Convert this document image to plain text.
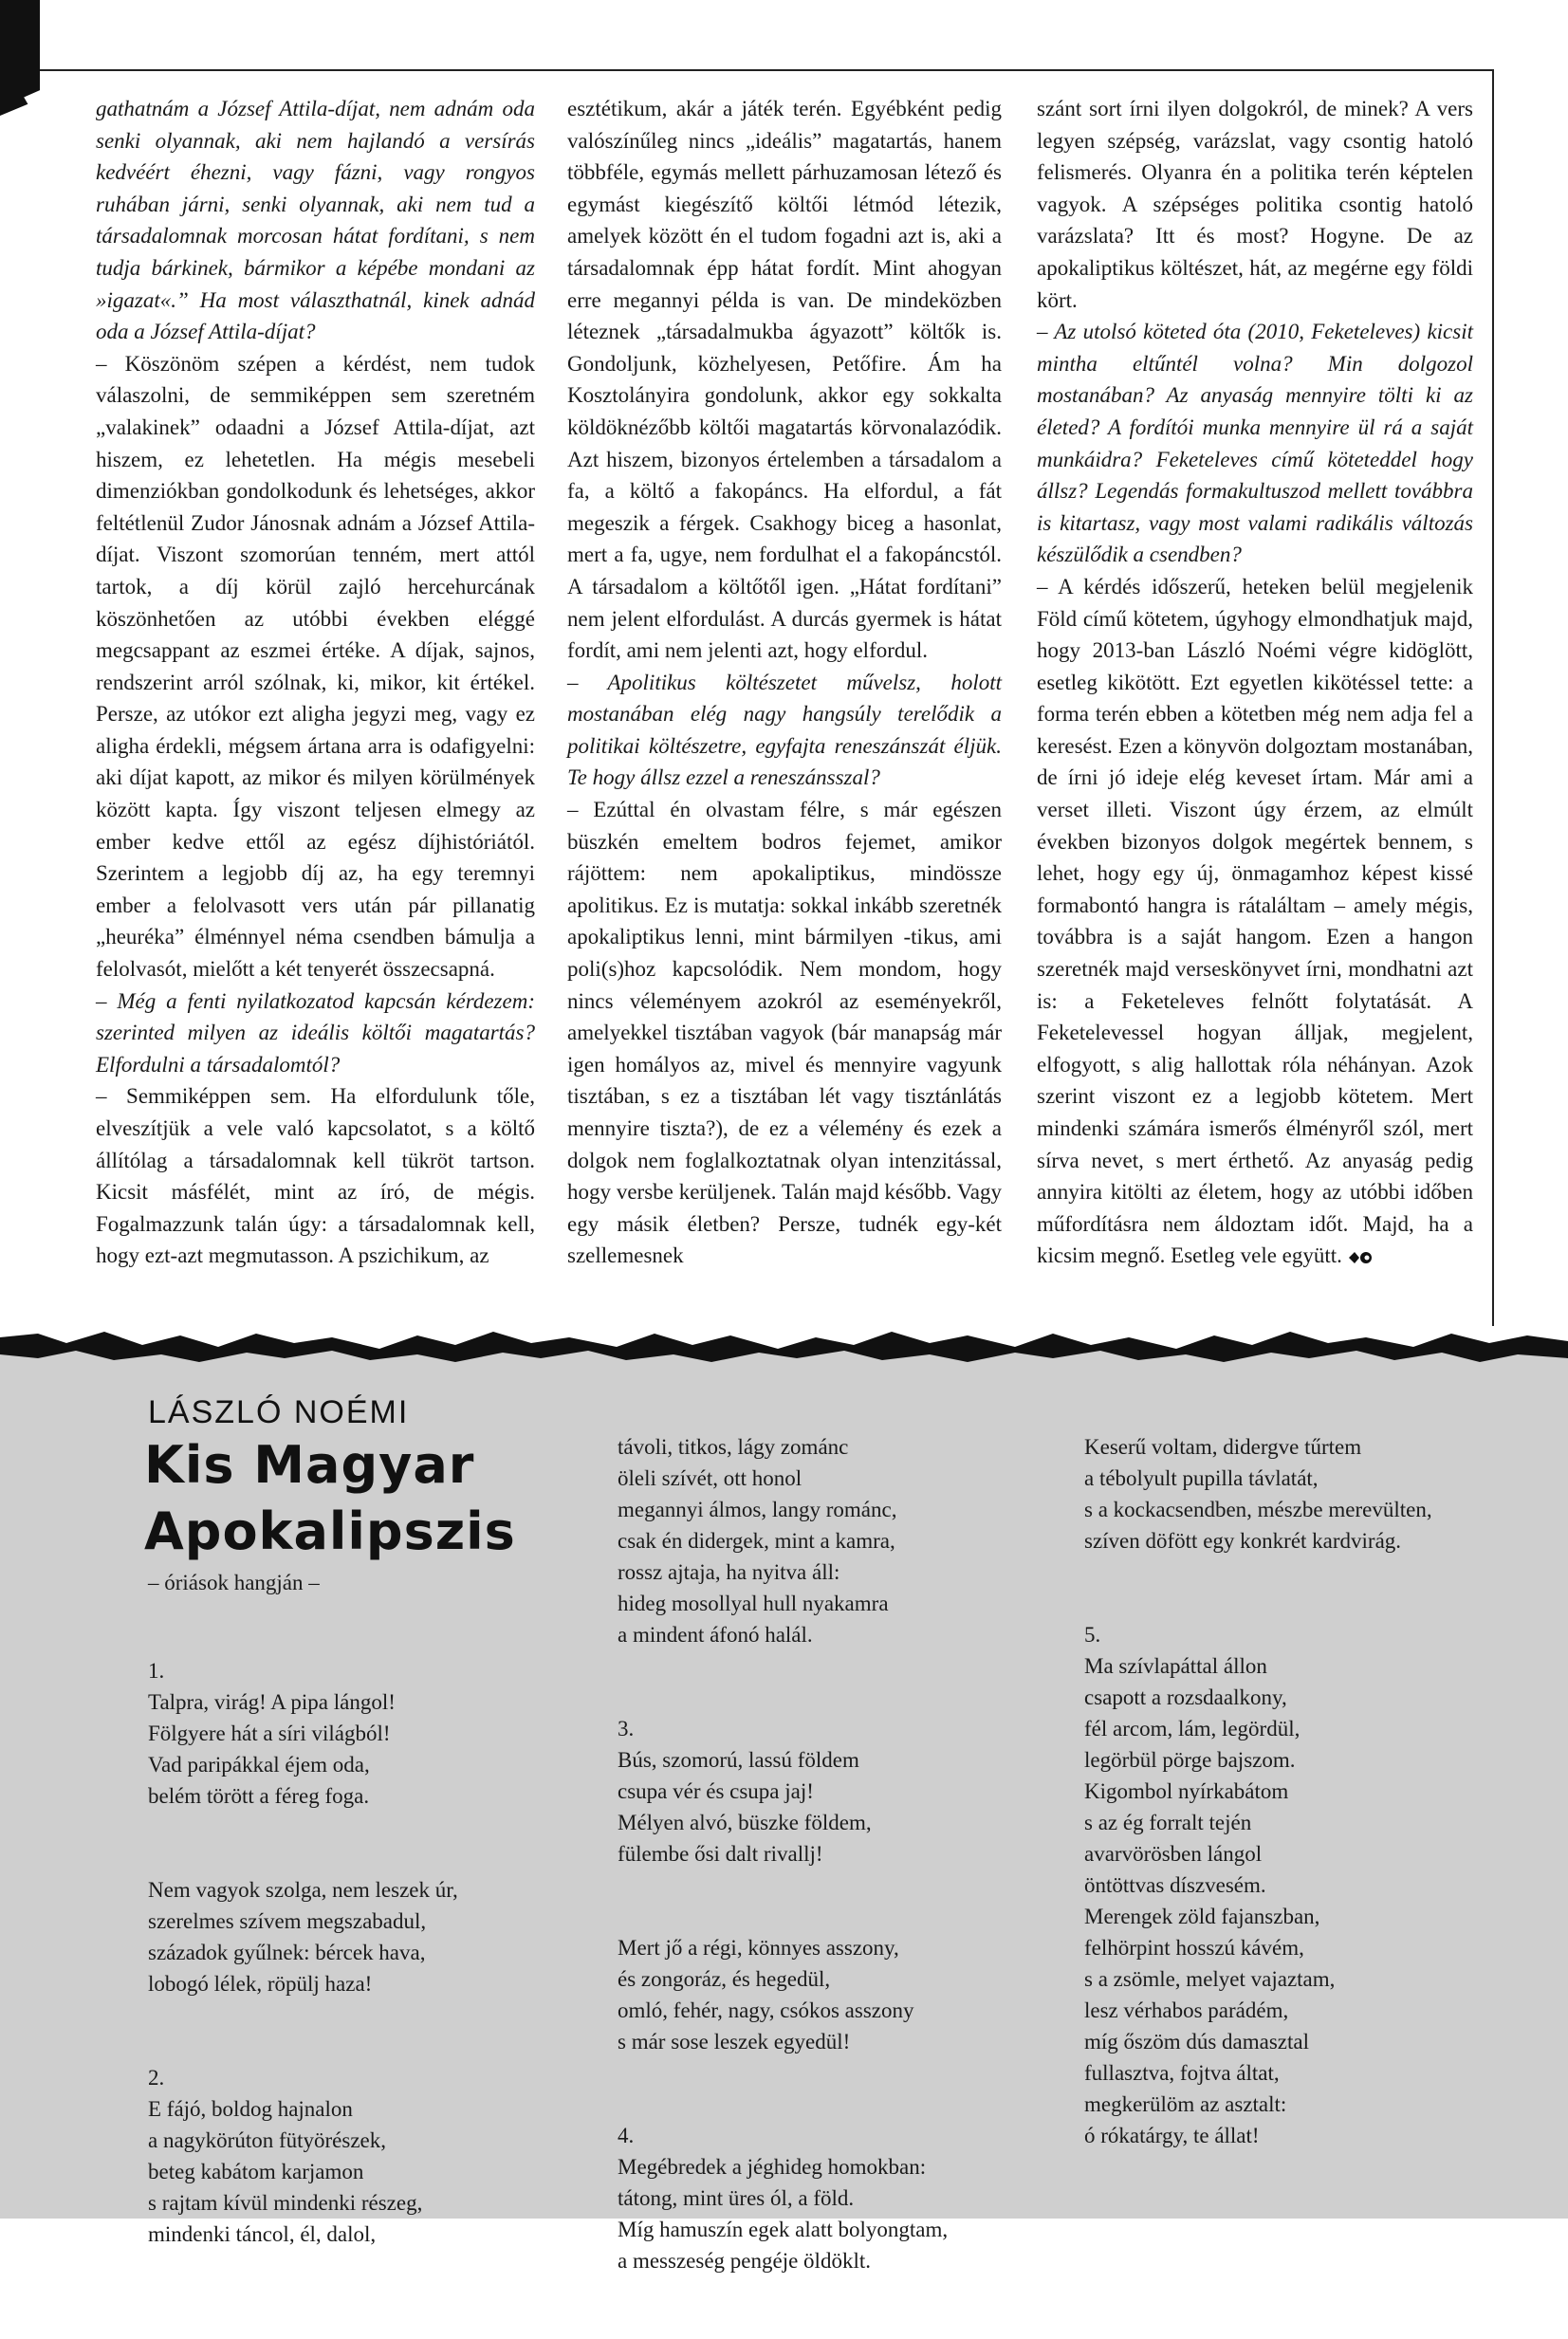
gathatnám a József Attila-díjat, nem adnám oda senki olyannak, aki nem hajlandó a versírás kedvéért éhezni, vagy fázni, vagy rongyos ruhában járni, senki olyannak, aki nem tud a társadalomnak morcosan hátat fordítani, s nem tudja bárkinek, bármikor a képébe mondani az »igazat«.” Ha most választhatnál, kinek adnád oda a József Attila-díjat?

– Köszönöm szépen a kérdést, nem tudok válaszolni, de semmiképpen sem szeretném „valakinek” odaadni a József Attila-díjat, azt hiszem, ez lehetetlen. Ha mégis mesebeli dimenziókban gondolkodunk és lehetséges, akkor feltétlenül Zudor Jánosnak adnám a József Attila-díjat. Viszont szomorúan tenném, mert attól tartok, a díj körül zajló hercehurcának köszönhetően az utóbbi években eléggé megcsappant az eszmei értéke. A díjak, sajnos, rendszerint arról szólnak, ki, mikor, kit értékel. Persze, az utókor ezt aligha jegyzi meg, vagy ez aligha érdekli, mégsem ártana arra is odafigyelni: aki díjat kapott, az mikor és milyen körülmények között kapta. Így viszont teljesen elmegy az ember kedve ettől az egész díjhistóriától. Szerintem a legjobb díj az, ha egy teremnyi ember a felolvasott vers után pár pillanatig „heuréka” élménnyel néma csendben bámulja a felolvasót, mielőtt a két tenyerét összecsapná.

– Még a fenti nyilatkozatod kapcsán kérdezem: szerinted milyen az ideális költői magatartás? Elfordulni a társadalomtól?

– Semmiképpen sem. Ha elfordulunk tőle, elveszítjük a vele való kapcsolatot, s a költő állítólag a társadalomnak kell tükröt tartson. Kicsit másfélét, mint az író, de mégis. Fogalmazzunk talán úgy: a társadalomnak kell, hogy ezt-azt megmutasson. A pszichikum, az

esztétikum, akár a játék terén. Egyébként pedig valószínűleg nincs „ideális” magatartás, hanem többféle, egymás mellett párhuzamosan létező és egymást kiegészítő költői létmód létezik, amelyek között én el tudom fogadni azt is, aki a társadalomnak épp hátat fordít. Mint ahogyan erre megannyi példa is van. De mindeközben léteznek „társadalmukba ágyazott” költők is. Gondoljunk, közhelyesen, Petőfire. Ám ha Kosztolányira gondolunk, akkor egy sokkalta köldöknézőbb költői magatartás körvonalazódik. Azt hiszem, bizonyos értelemben a társadalom a fa, a költő a fakopáncs. Ha elfordul, a fát megeszik a férgek. Csakhogy biceg a hasonlat, mert a fa, ugye, nem fordulhat el a fakopáncstól. A társadalom a költőtől igen. „Hátat fordítani” nem jelent elfordulást. A durcás gyermek is hátat fordít, ami nem jelenti azt, hogy elfordul.

– Apolitikus költészetet művelsz, holott mostanában elég nagy hangsúly terelődik a politikai költészetre, egyfajta reneszánszát éljük. Te hogy állsz ezzel a reneszánsszal?

– Ezúttal én olvastam félre, s már egészen büszkén emeltem bodros fejemet, amikor rájöttem: nem apokaliptikus, mindössze apolitikus. Ez is mutatja: sokkal inkább szeretnék apokaliptikus lenni, mint bármilyen -tikus, ami poli(s)hoz kapcsolódik. Nem mondom, hogy nincs véleményem azokról az eseményekről, amelyekkel tisztában vagyok (bár manapság már igen homályos az, mivel és mennyire vagyunk tisztában, s ez a tisztában lét vagy tisztánlátás mennyire tiszta?), de ez a vélemény és ezek a dolgok nem foglalkoztatnak olyan intenzitással, hogy versbe kerüljenek. Talán majd később. Vagy egy másik életben? Persze, tudnék egy-két szellemesnek

szánt sort írni ilyen dolgokról, de minek? A vers legyen szépség, varázslat, vagy csontig hatoló felismerés. Olyanra én a politika terén képtelen vagyok. A szépséges politika csontig hatoló varázslata? Itt és most? Hogyne. De az apokaliptikus költészet, hát, az megérne egy földi kört.

– Az utolsó köteted óta (2010, Feketeleves) kicsit mintha eltűntél volna? Min dolgozol mostanában? Az anyaság mennyire tölti ki az életed? A fordítói munka mennyire ül rá a saját munkáidra? Feketeleves című köteteddel hogy állsz? Legendás formakultuszod mellett továbbra is kitartasz, vagy most valami radikális változás készülődik a csendben?

– A kérdés időszerű, heteken belül megjelenik Föld című kötetem, úgyhogy elmondhatjuk majd, hogy 2013-ban László Noémi végre kidöglött, esetleg kikötött. Ezt egyetlen kikötéssel tette: a forma terén ebben a kötetben még nem adja fel a keresést. Ezen a könyvön dolgoztam mostanában, de írni jó ideje elég keveset írtam. Már ami a verset illeti. Viszont úgy érzem, az elmúlt években bizonyos dolgok megértek bennem, s lehet, hogy egy új, önmagamhoz képest kissé formabontó hangra is rátaláltam – amely mégis, továbbra is a saját hangom. Ezen a hangon szeretnék majd verseskönyvet írni, mondhatni azt is: a Feketeleves felnőtt folytatását. A Feketelevessel hogyan álljak, megjelent, elfogyott, s alig hallottak róla néhányan. Azok szerint viszont ez a legjobb kötetem. Mert mindenki számára ismerős élményről szól, mert sírva nevet, s mert érthető. Az anyaság pedig annyira kitölti az életem, hogy az utóbbi időben műfordításra nem áldoztam időt. Majd, ha a kicsim megnő. Esetleg vele együtt.

LÁSZLÓ NOÉMI
Kis Magyar
Apokalipszis
– óriások hangján –

1.
Talpra, virág! A pipa lángol!
Fölgyere hát a síri világból!
Vad paripákkal éjem oda,
belém törött a féreg foga.

Nem vagyok szolga, nem leszek úr,
szerelmes szívem megszabadul,
századok gyűlnek: bércek hava,
lobogó lélek, röpülj haza!

2.
E fájó, boldog hajnalon
a nagykörúton fütyörészek,
beteg kabátom karjamon
s rajtam kívül mindenki részeg,
mindenki táncol, él, dalol,

távoli, titkos, lágy zománc
öleli szívét, ott honol
megannyi álmos, langy románc,
csak én didergek, mint a kamra,
rossz ajtaja, ha nyitva áll:
hideg mosollyal hull nyakamra
a mindent áfonó halál.

3.
Bús, szomorú, lassú földem
csupa vér és csupa jaj!
Mélyen alvó, büszke földem,
fülembe ősi dalt rivallj!

Mert jő a régi, könnyes asszony,
és zongoráz, és hegedül,
omló, fehér, nagy, csókos asszony
s már sose leszek egyedül!

4.
Megébredek a jéghideg homokban:
tátong, mint üres ól, a föld.
Míg hamuszín egek alatt bolyongtam,
a messzeség pengéje öldöklt.

Keserű voltam, didergve tűrtem
a tébolyult pupilla távlatát,
s a kockacsendben, mészbe merevülten,
szíven döfött egy konkrét kardvirág.

5.
Ma szívlapáttal állon
csapott a rozsdaalkony,
fél arcom, lám, legördül,
legörbül pörge bajszom.
Kigombol nyírkabátom
s az ég forralt tején
avarvörösben lángol
öntöttvas díszvesém.
Merengek zöld fajanszban,
felhörpint hosszú kávém,
s a zsömle, melyet vajaztam,
lesz vérhabos parádém,
míg őszöm dús damasztal
fullasztva, fojtva áltat,
megkerülöm az asztalt:
ó rókatárgy, te állat!
